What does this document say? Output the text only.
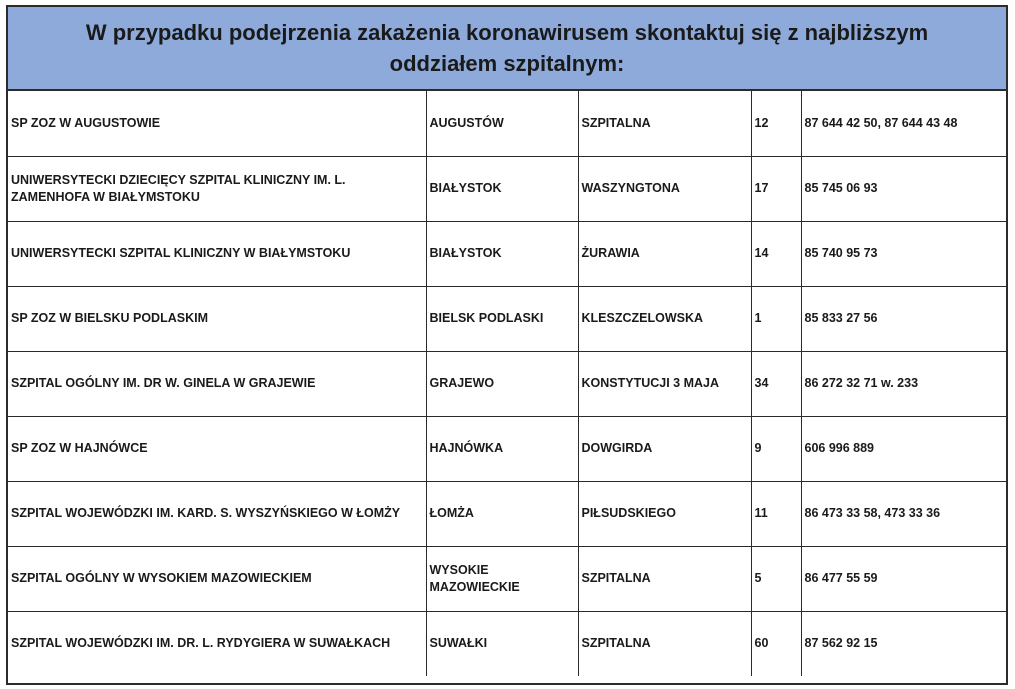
W przypadku podejrzenia zakażenia koronawirusem skontaktuj się z najbliższym oddziałem szpitalnym:
SP ZOZ W AUGUSTOWIE	AUGUSTÓW	SZPITALNA	12	87 644 42 50, 87 644 43 48
UNIWERSYTECKI DZIECIĘCY SZPITAL KLINICZNY IM. L. ZAMENHOFA W BIAŁYMSTOKU	BIAŁYSTOK	WASZYNGTONA	17	85 745 06 93
UNIWERSYTECKI SZPITAL KLINICZNY W BIAŁYMSTOKU	BIAŁYSTOK	ŻURAWIA	14	85 740 95 73
SP ZOZ W BIELSKU PODLASKIM	BIELSK PODLASKI	KLESZCZELOWSKA	1	85 833 27 56
SZPITAL OGÓLNY IM. DR W. GINELA W GRAJEWIE	GRAJEWO	KONSTYTUCJI 3 MAJA	34	86 272 32 71 w. 233
SP ZOZ W HAJNÓWCE	HAJNÓWKA	DOWGIRDA	9	606 996 889
SZPITAL WOJEWÓDZKI IM. KARD. S. WYSZYŃSKIEGO W ŁOMŻY	ŁOMŻA	PIŁSUDSKIEGO	11	86 473 33 58, 473 33 36
SZPITAL OGÓLNY W WYSOKIEM MAZOWIECKIEM	WYSOKIE MAZOWIECKIE	SZPITALNA	5	86 477 55 59
SZPITAL WOJEWÓDZKI IM. DR. L. RYDYGIERA W SUWAŁKACH	SUWAŁKI	SZPITALNA	60	87 562 92 15
